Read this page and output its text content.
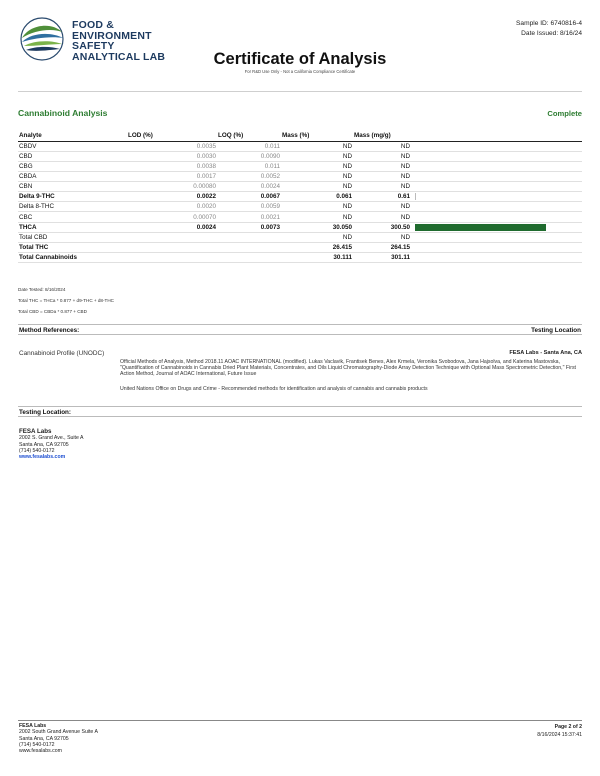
FOOD &
ENVIRONMENT
SAFETY
ANALYTICAL LAB
Sample ID: 6740816-4
Date Issued: 8/16/24
Certificate of Analysis
For R&D Use Only - Not a California Compliance Certificate
Cannabinoid Analysis	Complete
Analyte	LOD (%)	LOQ (%)	Mass (%)	Mass (mg/g)	
CBDV	0.0035	0.011	ND	ND	
CBD	0.0030	0.0090	ND	ND	
CBG	0.0038	0.011	ND	ND	
CBDA	0.0017	0.0052	ND	ND	
CBN	0.00080	0.0024	ND	ND	
Delta 9-THC	0.0022	0.0067	0.061	0.61	

Delta 8-THC	0.0020	0.0059	ND	ND	
CBC	0.00070	0.0021	ND	ND	
THCA	0.0024	0.0073	30.050	300.50	

Total CBD			ND	ND	
Total THC			26.415	264.15	
Total Cannabinoids			30.111	301.11	
Date Tested: 8/16/2024
Total THC = THCa * 0.877 + d9-THC + d8-THC
Total CBD = CBDa * 0.877 + CBD
Method References:	Testing Location
Cannabinoid Profile (UNODC)	FESA Labs - Santa Ana, CA
Official Methods of Analysis, Method 2018.11 AOAC INTERNATIONAL (modified). Lukas Vaclavik, Frantisek Benes, Alex Krmela, Veronika Svobodova, Jana Hajsolva, and Katerina Mastovska, "Quantification of Cannabinoids in Cannabis Dried Plant Materials, Concentrates, and Oils Liquid Chromatography-Diode Array Detection Technique with Optional Mass Spectrometric Detection," First Action Method, Journal of AOAC International, Future Issue
United Nations Office on Drugs and Crime - Recommended methods for identification and analysis of cannabis and cannabis products
Testing Location:
FESA Labs
2002 S. Grand Ave., Suite A
Santa Ana, CA 92705
(714) 540-0172
www.fesalabs.com
FESA Labs
2002 South Grand Avenue Suite A
Santa Ana, CA 92705
(714) 540-0172
www.fesalabs.com
Page 2 of 2
8/16/2024 15:37:41
